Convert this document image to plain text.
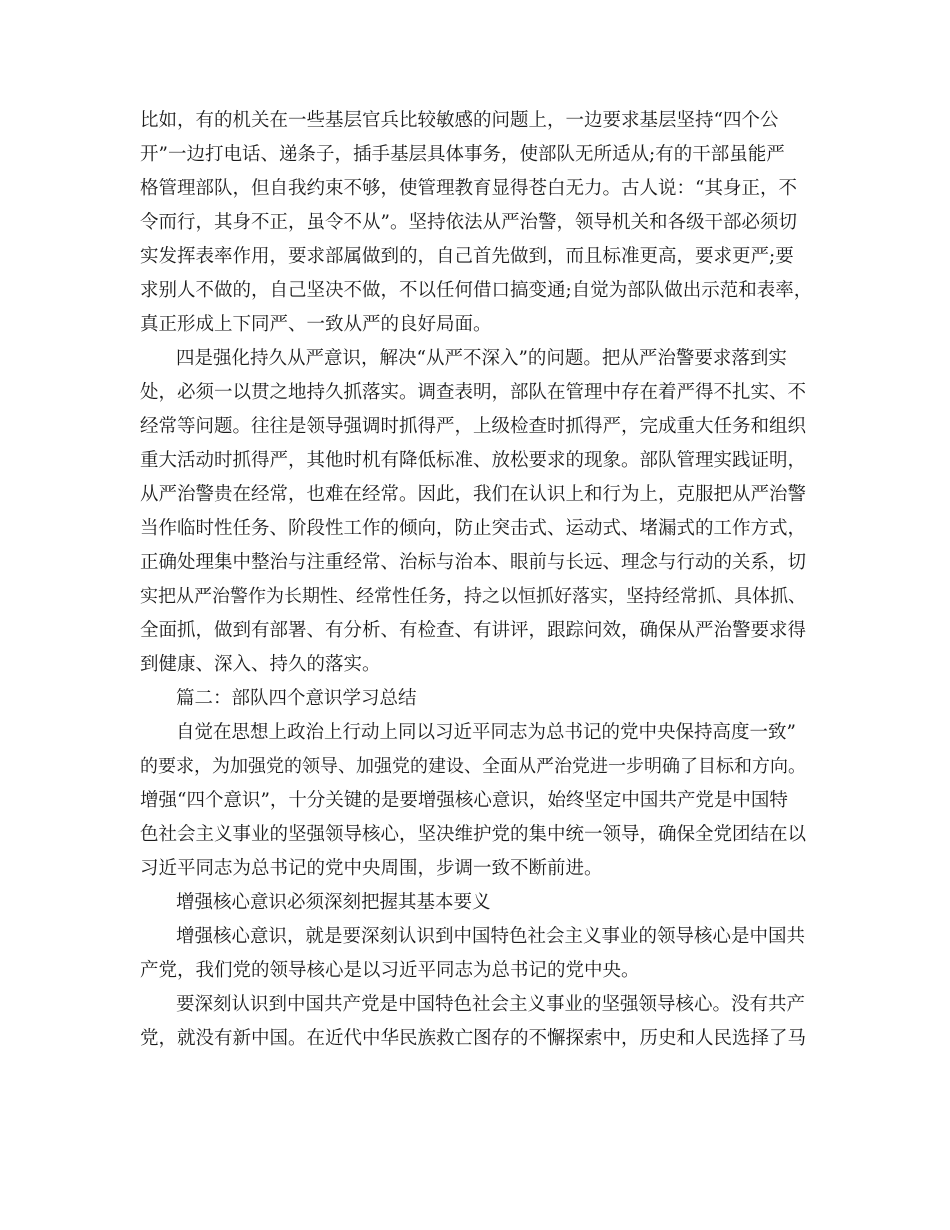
比如，有的机关在一些基层官兵比较敏感的问题上，一边要求基层坚持“四个公
开”一边打电话、递条子，插手基层具体事务，使部队无所适从;有的干部虽能严
格管理部队，但自我约束不够，使管理教育显得苍白无力。古人说：“其身正，不
令而行，其身不正，虽令不从”。坚持依法从严治警，领导机关和各级干部必须切
实发挥表率作用，要求部属做到的，自己首先做到，而且标准更高，要求更严;要
求别人不做的，自己坚决不做，不以任何借口搞变通;自觉为部队做出示范和表率，
真正形成上下同严、一致从严的良好局面。
四是强化持久从严意识，解决“从严不深入”的问题。把从严治警要求落到实
处，必须一以贯之地持久抓落实。调查表明，部队在管理中存在着严得不扎实、不
经常等问题。往往是领导强调时抓得严，上级检查时抓得严，完成重大任务和组织
重大活动时抓得严，其他时机有降低标准、放松要求的现象。部队管理实践证明，
从严治警贵在经常，也难在经常。因此，我们在认识上和行为上，克服把从严治警
当作临时性任务、阶段性工作的倾向，防止突击式、运动式、堵漏式的工作方式，
正确处理集中整治与注重经常、治标与治本、眼前与长远、理念与行动的关系，切
实把从严治警作为长期性、经常性任务，持之以恒抓好落实，坚持经常抓、具体抓、
全面抓，做到有部署、有分析、有检查、有讲评，跟踪问效，确保从严治警要求得
到健康、深入、持久的落实。
篇二：部队四个意识学习总结
自觉在思想上政治上行动上同以习近平同志为总书记的党中央保持高度一致”
的要求，为加强党的领导、加强党的建设、全面从严治党进一步明确了目标和方向。
增强“四个意识”，十分关键的是要增强核心意识，始终坚定中国共产党是中国特
色社会主义事业的坚强领导核心，坚决维护党的集中统一领导，确保全党团结在以
习近平同志为总书记的党中央周围，步调一致不断前进。
增强核心意识必须深刻把握其基本要义
增强核心意识，就是要深刻认识到中国特色社会主义事业的领导核心是中国共
产党，我们党的领导核心是以习近平同志为总书记的党中央。
要深刻认识到中国共产党是中国特色社会主义事业的坚强领导核心。没有共产
党，就没有新中国。在近代中华民族救亡图存的不懈探索中，历史和人民选择了马
